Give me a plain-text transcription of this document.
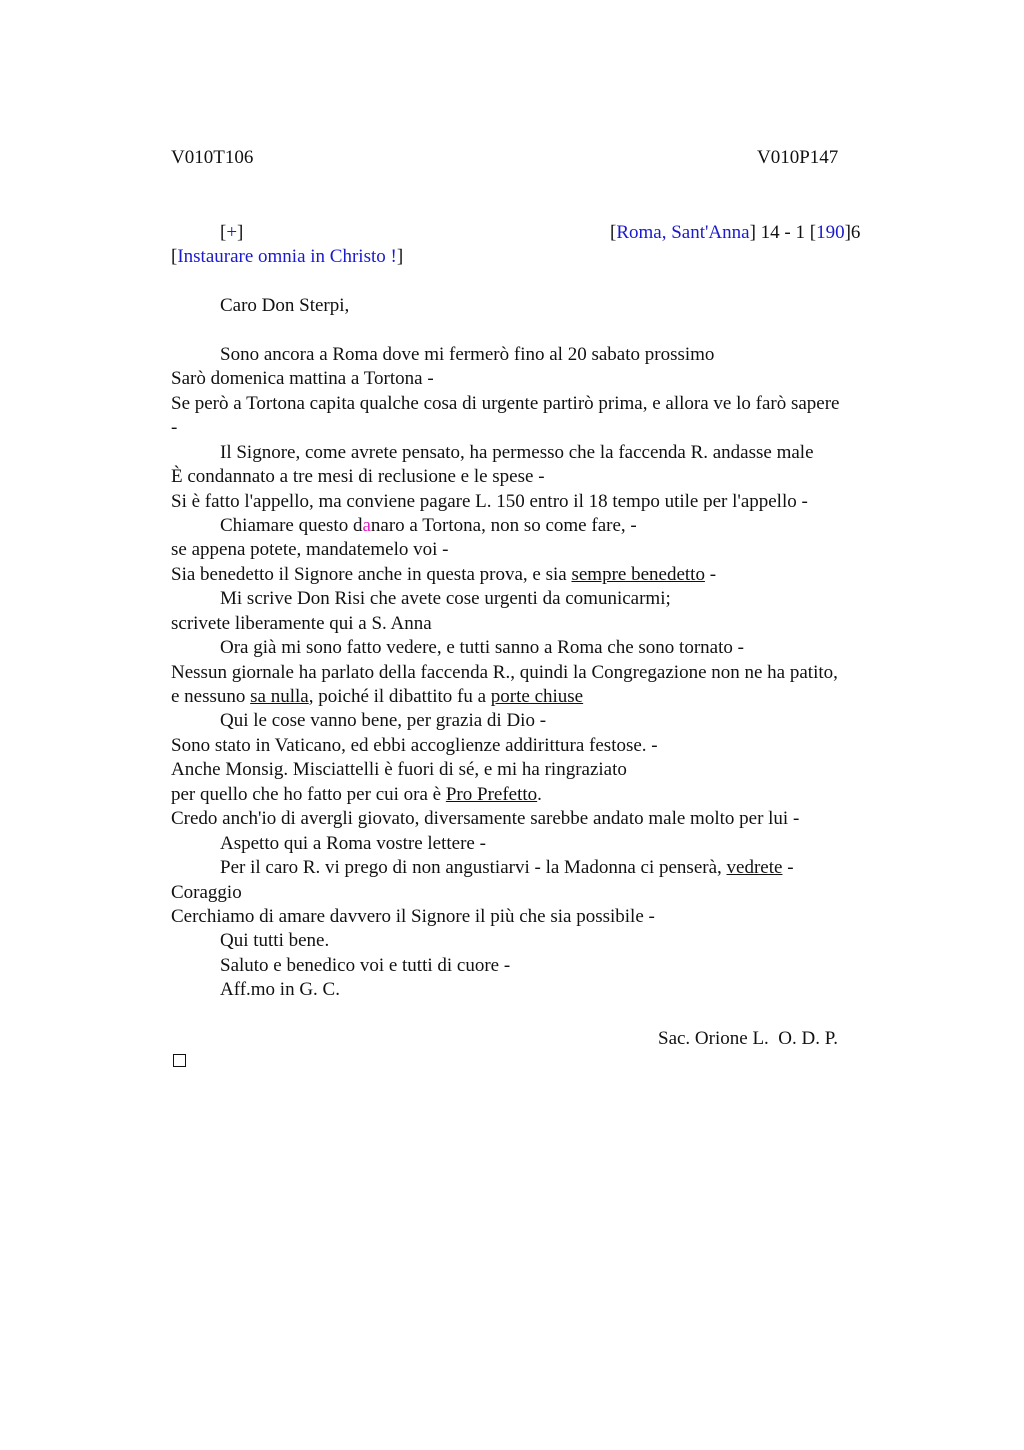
V010T106	V010P147
[+]	[Roma, Sant'Anna] 14 - 1 [190]6
[Instaurare omnia in Christo !]
Caro Don Sterpi,
Sono ancora a Roma dove mi fermerò fino al 20 sabato prossimo
Sarò domenica mattina a Tortona -
Se però a Tortona capita qualche cosa di urgente partirò prima, e allora ve lo farò sapere
-
Il Signore, come avrete pensato, ha permesso che la faccenda R. andasse male
È condannato a tre mesi di reclusione e le spese -
Si è fatto l'appello, ma conviene pagare L. 150 entro il 18 tempo utile per l'appello -
Chiamare questo danaro a Tortona, non so come fare, -
se appena potete, mandatemelo voi -
Sia benedetto il Signore anche in questa prova, e sia sempre benedetto -
Mi scrive Don Risi che avete cose urgenti da comunicarmi;
scrivete liberamente qui a S. Anna
Ora già mi sono fatto vedere, e tutti sanno a Roma che sono tornato -
Nessun giornale ha parlato della faccenda R., quindi la Congregazione non ne ha patito,
e nessuno sa nulla, poiché il dibattito fu a porte chiuse
Qui le cose vanno bene, per grazia di Dio -
Sono stato in Vaticano, ed ebbi accoglienze addirittura festose. -
Anche Monsig. Misciattelli è fuori di sé, e mi ha ringraziato
per quello che ho fatto per cui ora è Pro Prefetto.
Credo anch'io di avergli giovato, diversamente sarebbe andato male molto per lui -
Aspetto qui a Roma vostre lettere -
Per il caro R. vi prego di non angustiarvi - la Madonna ci penserà, vedrete -
Coraggio
Cerchiamo di amare davvero il Signore il più che sia possibile -
Qui tutti bene.
Saluto e benedico voi e tutti di cuore -
Aff.mo in G. C.
Sac. Orione L.  O. D. P.
